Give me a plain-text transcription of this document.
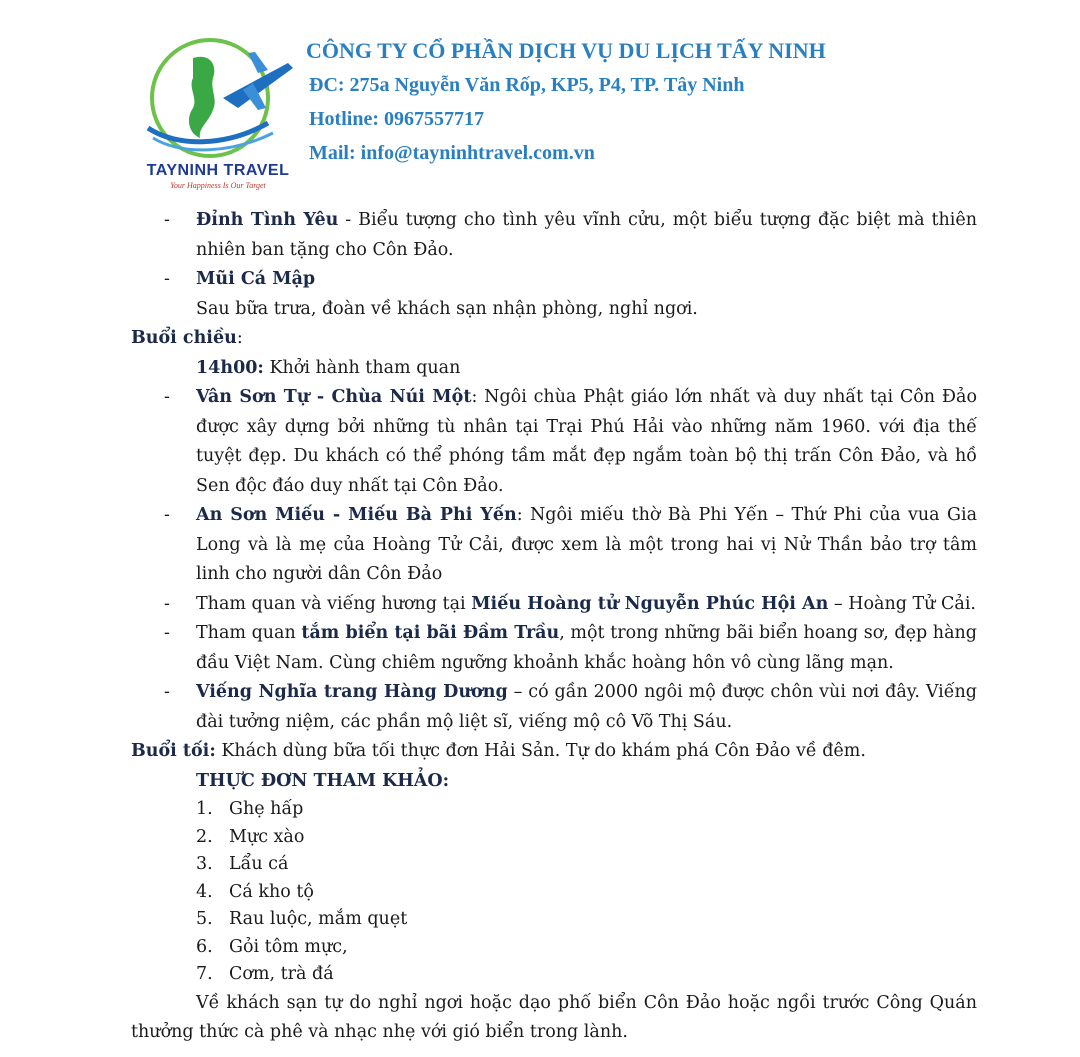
TAYNINH TRAVEL
Your Happiness Is Our Target
CÔNG TY CỔ PHẦN DỊCH VỤ DU LỊCH TẤY NINH
ĐC: 275a Nguyễn Văn Rốp, KP5, P4, TP. Tây Ninh
Hotline: 0967557717
Mail: info@tayninhtravel.com.vn

- Đỉnh Tình Yêu - Biểu tượng cho tình yêu vĩnh cửu, một biểu tượng đặc biệt mà thiên nhiên ban tặng cho Côn Đảo.

- Mũi Cá Mập

Sau bữa trưa, đoàn về khách sạn nhận phòng, nghỉ ngơi.

Buổi chiều:

14h00: Khởi hành tham quan

- Vân Sơn Tự - Chùa Núi Một: Ngôi chùa Phật giáo lớn nhất và duy nhất tại Côn Đảo được xây dựng bởi những tù nhân tại Trại Phú Hải vào những năm 1960. với địa thế tuyệt đẹp. Du khách có thể phóng tầm mắt đẹp ngắm toàn bộ thị trấn Côn Đảo, và hồ Sen độc đáo duy nhất tại Côn Đảo.

- An Sơn Miếu - Miếu Bà Phi Yến: Ngôi miếu thờ Bà Phi Yến – Thứ Phi của vua Gia Long và là mẹ của Hoàng Tử Cải, được xem là một trong hai vị Nử Thần bảo trợ tâm linh cho người dân Côn Đảo

- Tham quan và viếng hương tại Miếu Hoàng tử Nguyễn Phúc Hội An – Hoàng Tử Cải.

- Tham quan tắm biển tại bãi Đầm Trầu, một trong những bãi biển hoang sơ, đẹp hàng đầu Việt Nam. Cùng chiêm ngưỡng khoảnh khắc hoàng hôn vô cùng lãng mạn.

- Viếng Nghĩa trang Hàng Dương – có gần 2000 ngôi mộ được chôn vùi nơi đây. Viếng đài tưởng niệm, các phần mộ liệt sĩ, viếng mộ cô Võ Thị Sáu.

Buổi tối: Khách dùng bữa tối thực đơn Hải Sản. Tự do khám phá Côn Đảo về đêm.

THỰC ĐƠN THAM KHẢO:

1. Ghẹ hấp

2. Mực xào

3. Lẩu cá

4. Cá kho tộ

5. Rau luộc, mắm quẹt

6. Gỏi tôm mực,

7. Cơm, trà đá

Về khách sạn tự do nghỉ ngơi hoặc dạo phố biển Côn Đảo hoặc ngồi trước Công Quán thưởng thức cà phê và nhạc nhẹ với gió biển trong lành.
